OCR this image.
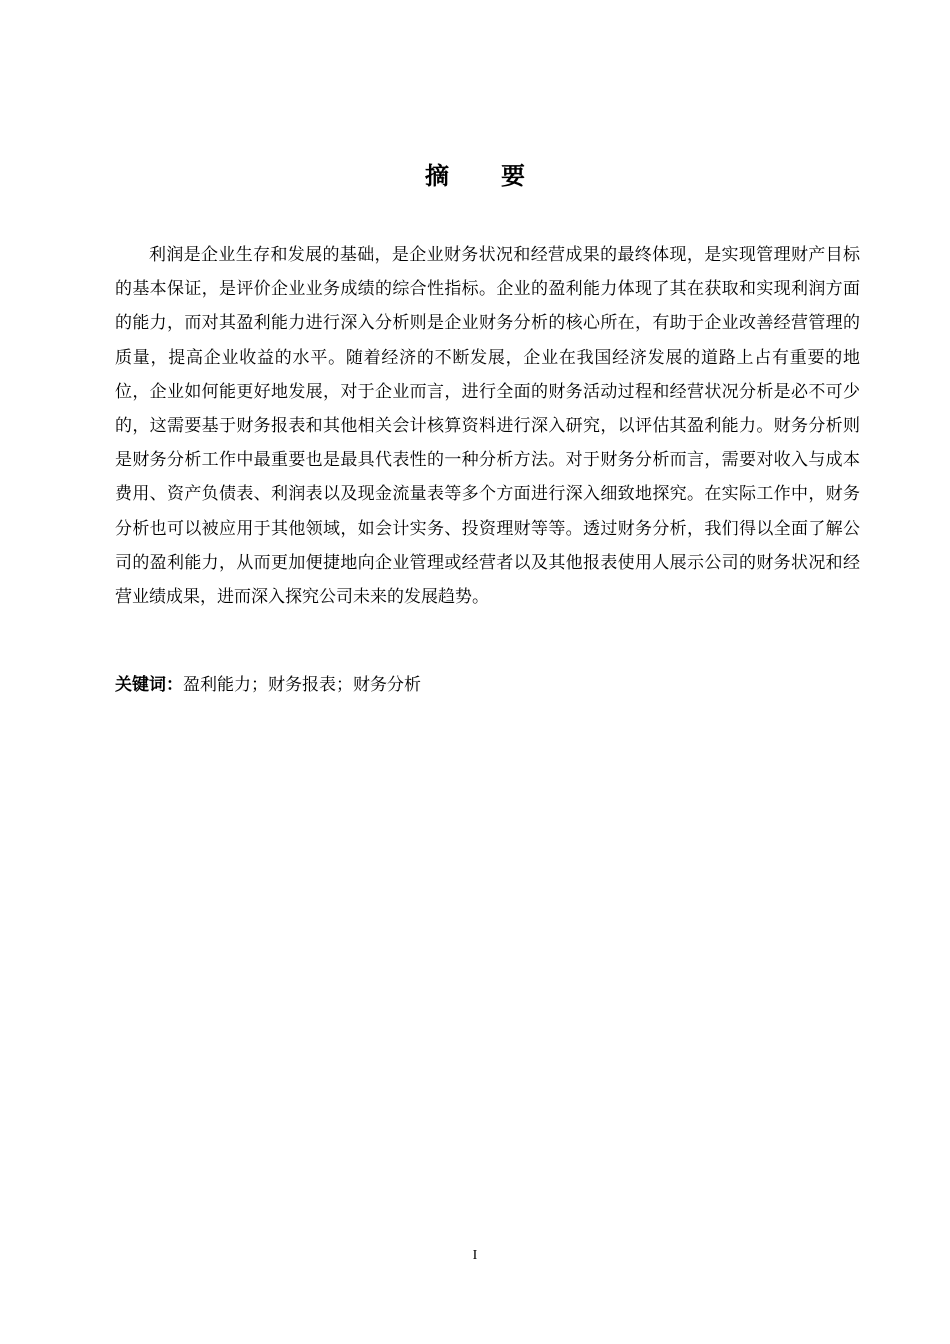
摘　要

利润是企业生存和发展的基础，是企业财务状况和经营成果的最终体现，是实现管理财产目标的基本保证，是评价企业业务成绩的综合性指标。企业的盈利能力体现了其在获取和实现利润方面的能力，而对其盈利能力进行深入分析则是企业财务分析的核心所在，有助于企业改善经营管理的质量，提高企业收益的水平。随着经济的不断发展，企业在我国经济发展的道路上占有重要的地位，企业如何能更好地发展，对于企业而言，进行全面的财务活动过程和经营状况分析是必不可少的，这需要基于财务报表和其他相关会计核算资料进行深入研究，以评估其盈利能力。财务分析则是财务分析工作中最重要也是最具代表性的一种分析方法。对于财务分析而言，需要对收入与成本费用、资产负债表、利润表以及现金流量表等多个方面进行深入细致地探究。在实际工作中，财务分析也可以被应用于其他领域，如会计实务、投资理财等等。透过财务分析，我们得以全面了解公司的盈利能力，从而更加便捷地向企业管理或经营者以及其他报表使用人展示公司的财务状况和经营业绩成果，进而深入探究公司未来的发展趋势。

关键词：盈利能力；财务报表；财务分析

I
